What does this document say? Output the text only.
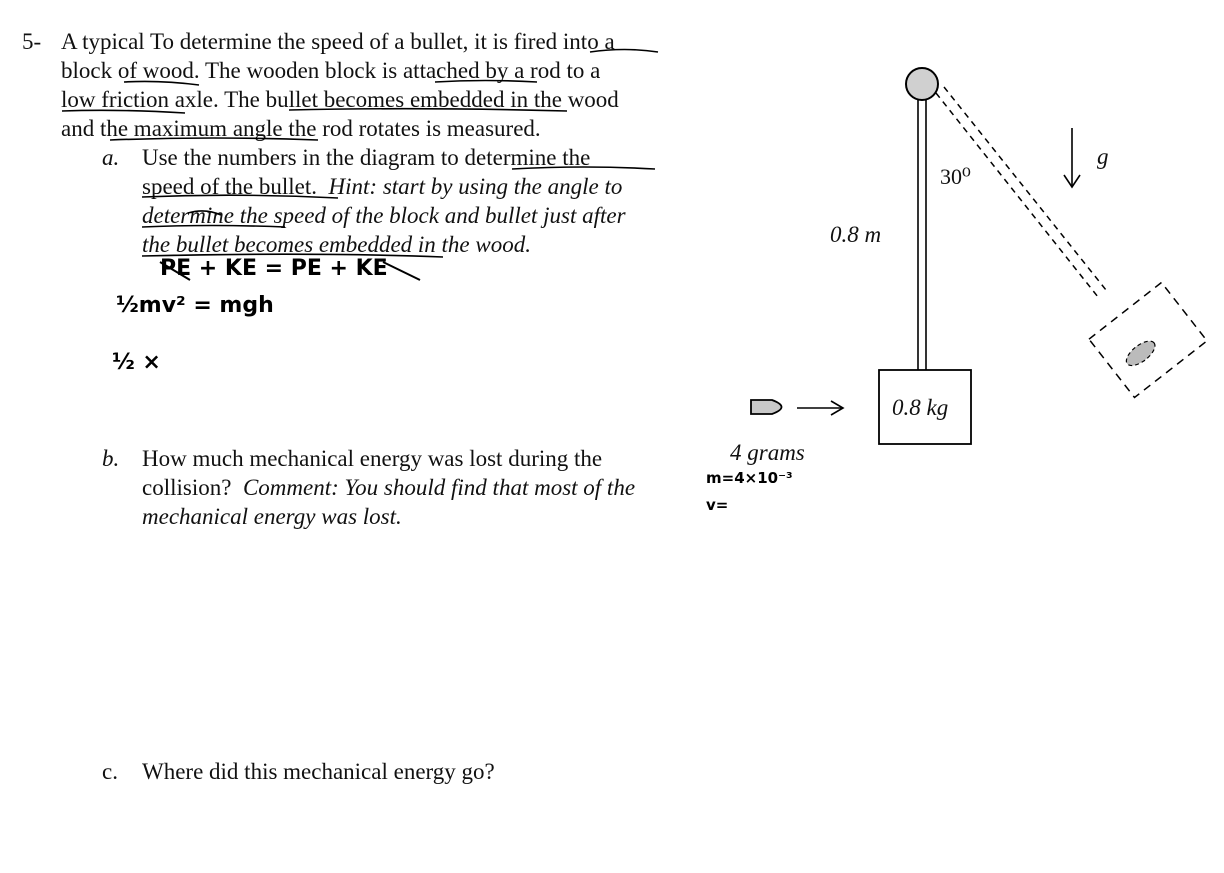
5- A typical To determine the speed of a bullet, it is fired into a
block of wood. The wooden block is attached by a rod to a
low friction axle. The bullet becomes embedded in the wood
and the maximum angle the rod rotates is measured.
a. Use the numbers in the diagram to determine the
speed of the bullet. Hint: start by using the angle to
determine the speed of the block and bullet just after
the bullet becomes embedded in the wood.
PE + KE = PE + KE
½mv² = mgh
½ ×
m=4×10⁻³
v=
b. How much mechanical energy was lost during the
collision? Comment: You should find that most of the
mechanical energy was lost.
c. Where did this mechanical energy go?
0.8 m
30⁰
g
0.8 kg
4 grams
